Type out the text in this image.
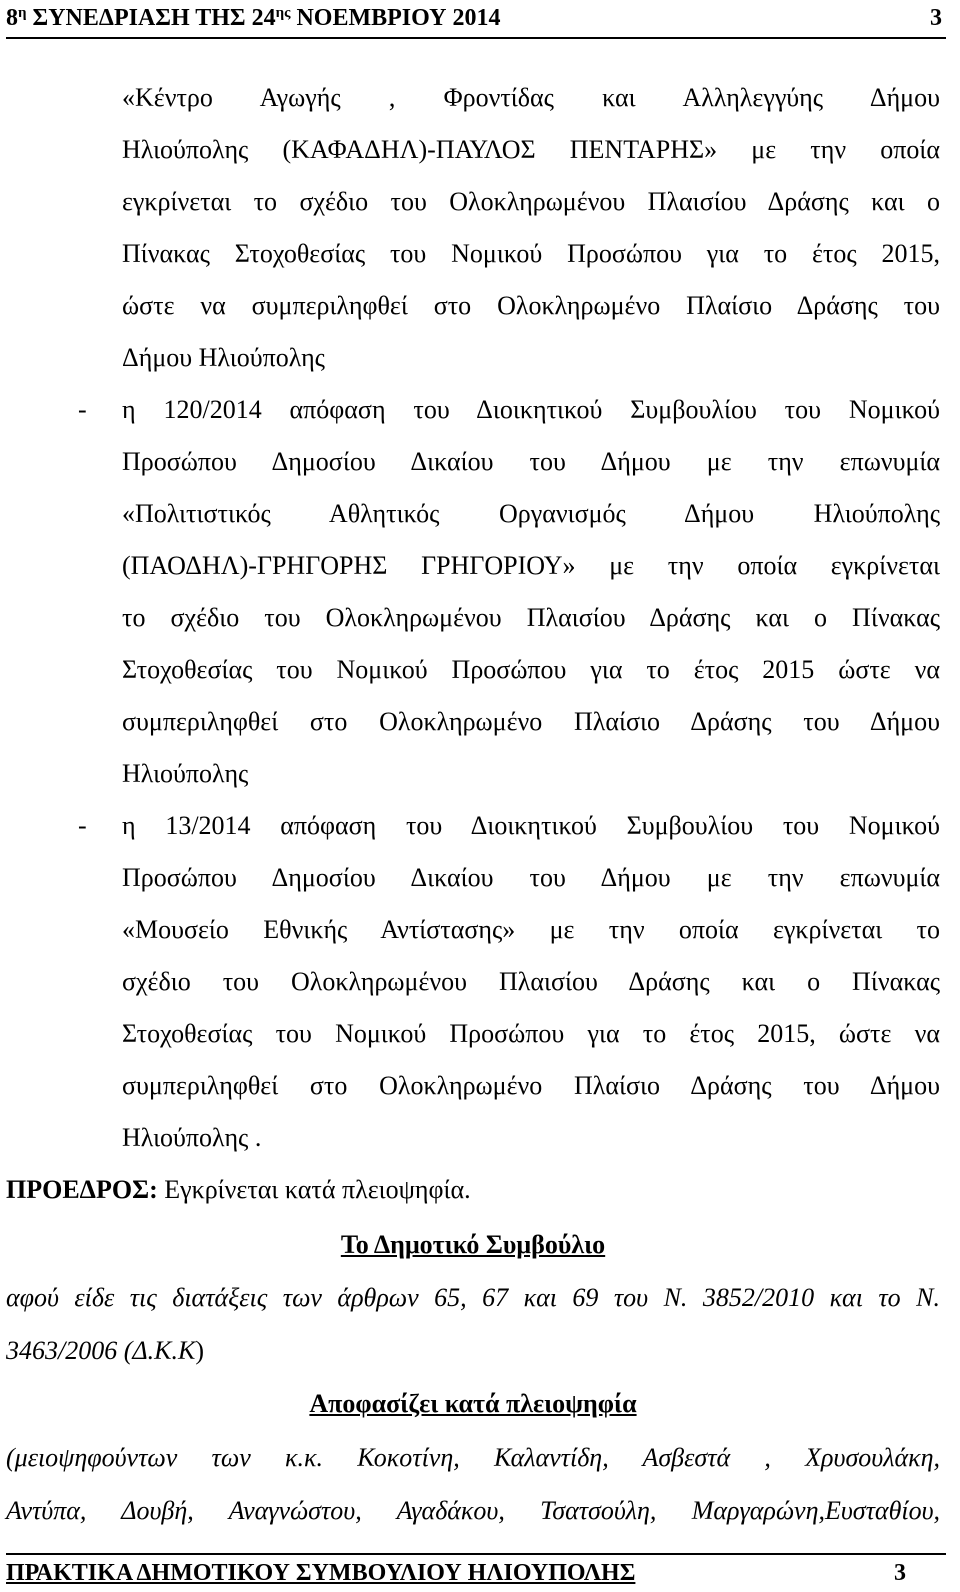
$8^\eta$ ΣΥΝΕΔΡΙΑΣΗ ΤΗΣ $24^{\eta\varsigma}$ ΝΟΕΜΒΡΙΟΥ 2014	3
«Κέντρο Αγωγής , Φροντίδας και Αλληλεγγύης Δήμου
Ηλιούπολης (ΚΑΦΑΔΗΛ)-ΠΑΥΛΟΣ ΠΕΝΤΑΡΗΣ» με την οποία
εγκρίνεται το σχέδιο του Ολοκληρωμένου Πλαισίου Δράσης και ο
Πίνακας Στοχοθεσίας του Νομικού Προσώπου για το έτος 2015,
ώστε να συμπεριληφθεί στο Ολοκληρωμένο Πλαίσιο Δράσης του
Δήμου Ηλιούπολης
- η 120/2014 απόφαση του Διοικητικού Συμβουλίου του Νομικού
Προσώπου Δημοσίου Δικαίου του Δήμου με την επωνυμία
«Πολιτιστικός Αθλητικός Οργανισμός Δήμου Ηλιούπολης
(ΠΑΟΔΗΛ)-ΓΡΗΓΟΡΗΣ ΓΡΗΓΟΡΙΟΥ» με την οποία εγκρίνεται
το σχέδιο του Ολοκληρωμένου Πλαισίου Δράσης και ο Πίνακας
Στοχοθεσίας του Νομικού Προσώπου για το έτος 2015 ώστε να
συμπεριληφθεί στο Ολοκληρωμένο Πλαίσιο Δράσης του Δήμου
Ηλιούπολης
- η 13/2014 απόφαση του Διοικητικού Συμβουλίου του Νομικού
Προσώπου Δημοσίου Δικαίου του Δήμου με την επωνυμία
«Μουσείο Εθνικής Αντίστασης» με την οποία εγκρίνεται το
σχέδιο του Ολοκληρωμένου Πλαισίου Δράσης και ο Πίνακας
Στοχοθεσίας του Νομικού Προσώπου για το έτος 2015, ώστε να
συμπεριληφθεί στο Ολοκληρωμένο Πλαίσιο Δράσης του Δήμου
Ηλιούπολης .
ΠΡΟΕΔΡΟΣ: Εγκρίνεται κατά πλειοψηφία.
Το Δημοτικό Συμβούλιο
αφού είδε τις διατάξεις των άρθρων 65, 67 και 69 του Ν. 3852/2010 και το Ν.
3463/2006 (Δ.Κ.Κ)
Αποφασίζει κατά πλειοψηφία
(μειοψηφούντων των κ.κ. Κοκοτίνη, Καλαντίδη, Ασβεστά , Χρυσουλάκη,
Αντύπα, Δουβή, Αναγνώστου, Αγαδάκου, Τσατσούλη, Μαργαρώνη,Ευσταθίου,
ΠΡΑΚΤΙΚΑ ΔΗΜΟΤΙΚΟΥ ΣΥΜΒΟΥΛΙΟΥ ΗΛΙΟΥΠΟΛΗΣ	3
